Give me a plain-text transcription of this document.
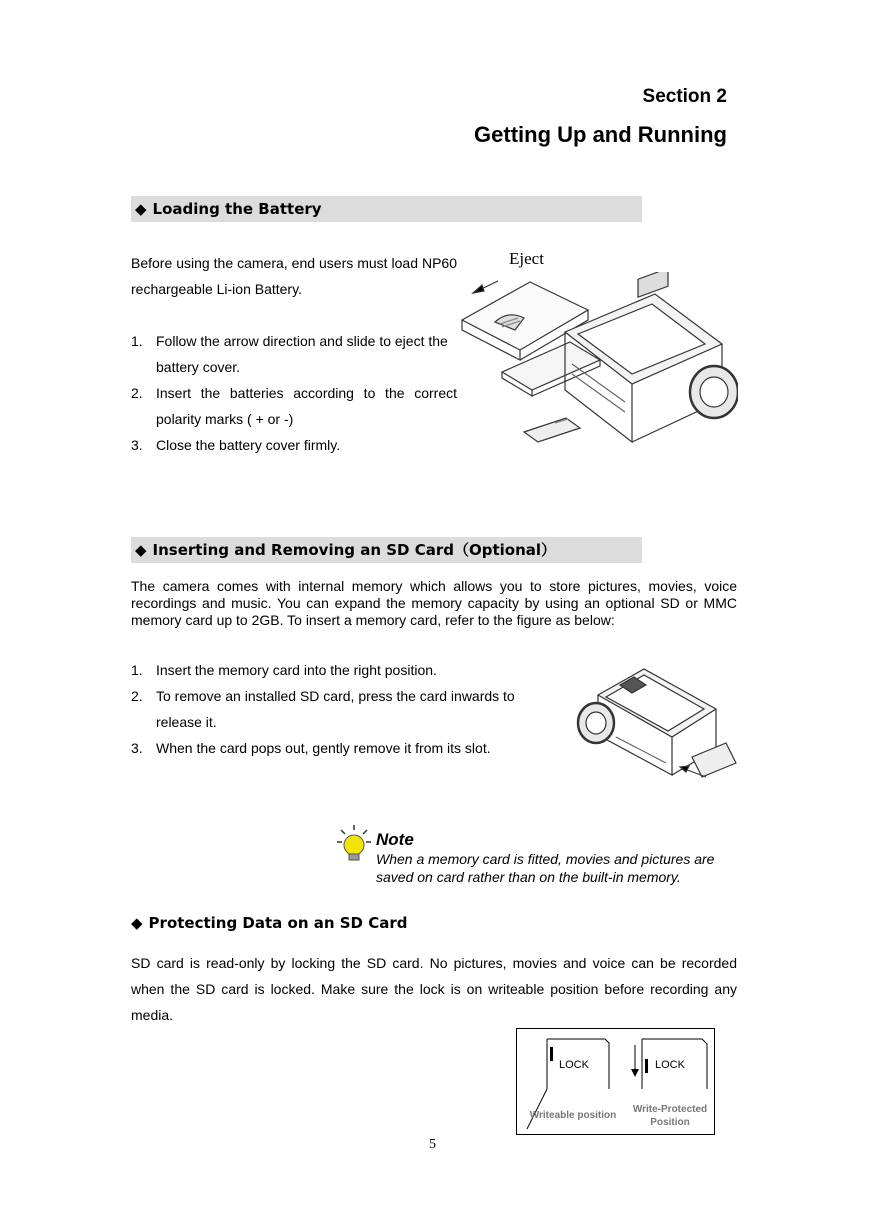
Section 2
Getting Up and Running
◆ Loading the Battery
Before using the camera, end users must load NP60 rechargeable Li-ion Battery.
1. Follow the arrow direction and slide to eject the battery cover.
2. Insert the batteries according to the correct polarity marks ( + or -)
3. Close the battery cover firmly.
Eject
◆ Inserting and Removing an SD Card（Optional）
The camera comes with internal memory which allows you to store pictures, movies, voice recordings and music. You can expand the memory capacity by using an optional SD or MMC memory card up to 2GB. To insert a memory card, refer to the figure as below:
1. Insert the memory card into the right position.
2. To remove an installed SD card, press the card inwards to release it.
3. When the card pops out, gently remove it from its slot.
Note
When a memory card is fitted, movies and pictures are saved on card rather than on the built-in memory.
◆ Protecting Data on an SD Card
SD card is read-only by locking the SD card. No pictures, movies and voice can be recorded when the SD card is locked. Make sure the lock is on writeable position before recording any media.
LOCK	LOCK
Writeable position
Write-Protected
Position
5
